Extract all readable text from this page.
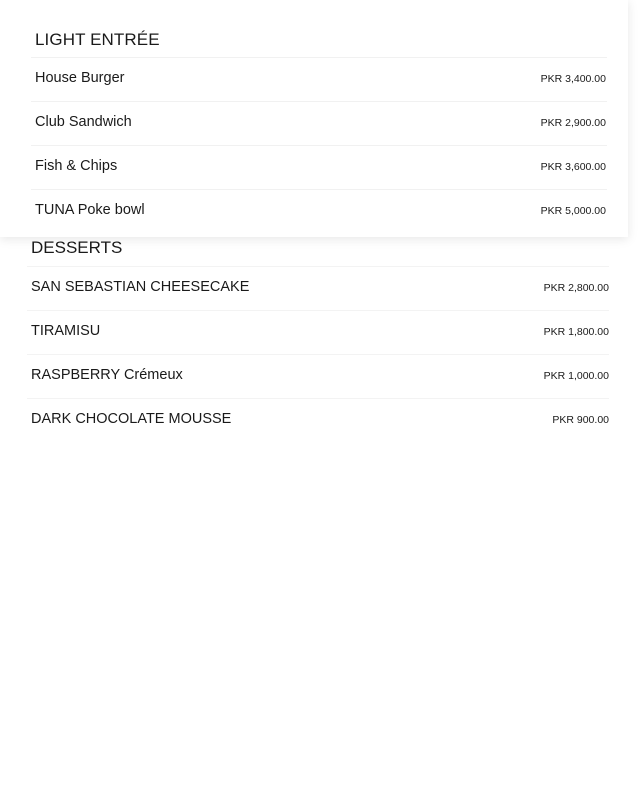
LIGHT ENTRÉE
House Burger	PKR 3,400.00
Club Sandwich	PKR 2,900.00
Fish & Chips	PKR 3,600.00
TUNA Poke bowl	PKR 5,000.00
DESSERTS
SAN SEBASTIAN CHEESECAKE	PKR 2,800.00
TIRAMISU	PKR 1,800.00
RASPBERRY Crémeux	PKR 1,000.00
DARK CHOCOLATE MOUSSE	PKR 900.00
